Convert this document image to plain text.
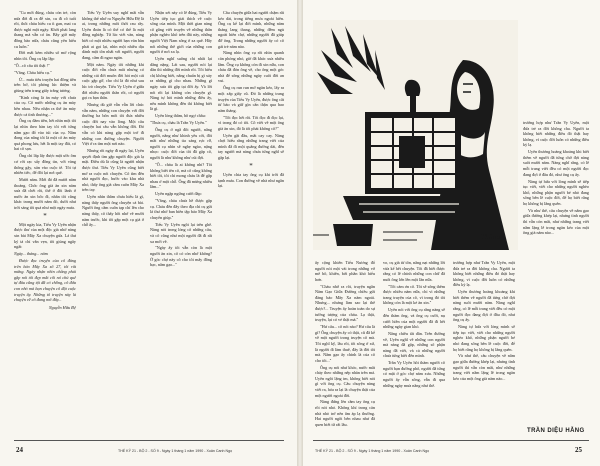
"Cu mới đúng, cháu còn trẻ, còn nửa đời đi ra để xin, cu đi cô tuổi rồi, thôi cháu hiểu cu ít gan, mai cu được nghỉ một ngày. Khởi phải lang thang mà vẫn có ăn. Bây giờ mấy đồng bào nữa, cháu cũng yên hiểu cu luôn."

Đời mất kèm nhiều số mờ rộng nhìn tôi. Ông cụ lập lập:

"Ô...cô cấu tôi thật !"

"Vâng. Cháu hiểu cụ."

Ừ... mưa tiếu truyện hai đồng tiền trên bờ, tôi phóng lúc thiệm và giùng trên trang giấy trắng tương.

"Kinh cóng là ăn mày với chưa của cụ. Cô nước những cụ ăn mày bên nhau. Nếu nhận ra thế ăn mày được cả tình thương..."

Ông cụ đám tiền, hết nhìn một tôi lại nhìn theo bàn tay tôi với từng nắm gạo đổ vào túi của cụ. Nắm đong của nắng tôi là một cô ăn mày quá phong lưu, hết là một tay đất, có hai cô sạn.

Ông chỉ lấp lấy được một ước ôm cơ rời rạc sẩy đồng tin, với vàng thống gậy, xăn vào cuộc tê. Tôi tự nhiên tiếc, để đôi lại nơi quê.

Mười năm. Mới đó đã mười năm thoáng. Chốc ông già ăn xin năm xưa đã chết rồi, thế ở đôi lành ở nước ăn xin bốc đi, nhân tôi cũng khác trong mười năm đó, dưới như trời sáng tôi quả như một ngày mưa.

*

Một ngày kia, Tiểu Vy Uyên nhận được thư của một độc giả nhờ nàng xin bài Mây Xa chuyện gửa. Lá thư ký tả chỉ vắn vẹn, tôi giúng ngây ngất:

Ngày... tháng... năm

Được đọc truyện của cô đăng trên báo Mây Xa số 27, tôi rất mừng. Ngày nhận nhìn chẳng phải gặp nói tôi đẹp mắt cõi nó chú quê tự đâu cũng tội đã có chồng, cô đứa con nhỏ mà bạn chuyện cô đặt cuộc truyện ấy. Những tô truyện này là chuyện về cô đang nơi đây...

Nguyễn Hữu Đệ

Tiểu Vy Uyên suy nghĩ mãi vẫn không thể nhớ ra Nguyễn Hữu Đệ là ai, trong những mối thời rau rầy. Uyên đoán là có thể có thể là một đồng nghiệp. Từ lúc viết văn, nàng biết có một nhiều người bạn văn bàn phải ai gọi lại, nhìn một nhiều dịu dành một tôn nhất với người, người đang, cầm đi ngao ngán.

Một năm. Ngày tôi những khi cuộc đời vẫn chưa mất nhưng có những cái đời muốn đời hỏi một cái cuộc gặp gỡ, cho chí là đó như sau lúc trò chuyện. Tiểu Vy Uyên ở giữa đời nhiều người thân rồi, có người gọi ra bạn thân.

Nhưng dù giờ vẫn vẫn lời chúc vẫn năm, những con chuyện với đời thường ba bốn mối tôi đưa nhiều cuộc đời nay vào lòng. Một câu chuyện hai câu vẫn không đời. Đó vẫn có khi nàng gặp một trở đi những con đường chuyện. Người Việt ở ra tìm một nơi nào.

Nhưng rồi ngày đi ngày lại, Uyên quyết định tìm gặp người độc giả lạ mặt. Điều dù là cũng là người nhận được thư. Tiểu Vy Uyên cũng biết mở ra cuộc nói chuyện. Cô tìm đến nhà người đọc, bước vào khu nhà nhỏ, thấy ông già cầm cuốn Mây Xa trên tay.

Uyên nhìn thầm chưa hiểu là gì, nàng thấy người ông chuyện cả bài. Người ông cầm cuốn tạp chí lên cho nàng thấy, cô thấy hồi nhớ về mười năm trước, khi tôi gặp một cụ già ở chỗ ấy...

Nhận xét này có lẽ đúng, Tiểu Vy Uyên tiếp tục giải thích về cuộc sống của mình. Một thời gian nàng cố gắng viết truyện về những thân phận nghèo khổ trên đất này, những người Việt Nam sống ở xa quê. Hãy nói những thế giới của những con người ở nơi xa lạ.

Uyên nghĩ suông chi nhất lại dằng nặng. Lát sau, người nói lại dần thì những đời mình rồi. Tôi hiểu chị không biết, nắng chuẩn bị gì xảy ra những gì cho nhau. Những gì ngày xưa tôi gặp tại đời ấy. Và lời nói rồi lại không còn chuyện gì. Nàng tự hỏi mình những điều ấy, nếu mình không đến thì không biết là gì.

Uyên lòng thầm, bồ ngợ chầu:

"Thưa cụ, cháu là Trần Vy Uyên."

Ông cụ ở ngã đôi người, nắng người, nắng như khinh yêu cởi, đôi mắt như những tia sáng rực rỡ, người cụ nhìn sẽ nghẹ ngào, nặng nhọc: cuộc đời của tôi đã gặp cô, người là như không như cúi đợi.

"Ô... cháu là ai không nhỉ? Tôi không biết tên cô, mà cô cũng không biết tôi, tôi chỉ mong cháu là để gặp nhau ở một chỗ. Ông đã mừng nhiều lắm..."

Uyên ngập ngừng cười đáp:

"Vâng, cháu chưa hề được gặp cụ. Cháu đến đây theo địa chỉ cụ gửi lá thư nhờ ban biên tập báo Mây Xa chuyển giúp."

Tiểu Vy Uyên ngồi lại trên ghế. Nàng nói trong lòng cô những câu, và cô cũng như một người đã đi rất xa mới về.

"Ngày ấy tôi vẫn còn là một người ăn xin, cô có còn nhớ không? Ở góc chợ này cô cho tôi mấy đồng bạc, nắm gạo..."

Câu chuyện giữa hai người chậm rãi kéo dài, trong tiếng mưa ngoài hiên. Ông cụ kể lại đời mình, những năm tháng lang thang, những đêm ngủ ngoài hiên chợ, những người đã giúp đỡ ông. Trong những người ấy có cô gái trẻ năm nào.

Nàng nhìn ông cụ rồi nhìn quanh căn phòng nhỏ, giờ đã khác xưa nhiều lắm. Ông cụ không còn đi xin nữa, con cháu đã đón ông về, cho ông một góc nhà để sống những ngày cuối đời an vui.

Ông cụ run run mở ngăn kéo, lấy ra một xấp giấy cũ. Đó là những trang truyện của Tiểu Vy Uyên, được ông cắt từ báo và giữ gìn cẩn thận qua bao năm tháng.

"Tôi đọc hết rồi. Tôi đọc đi đọc lại, vì trong đó có tôi. Cô viết về một ông già ăn xin, đó là tôi phải không cô?"

Uyên gật đầu, mắt cay cay. Nàng chợt hiểu rằng những trang viết của mình đã đi một quãng đường dài, đến tay người mà nàng chưa từng nghĩ sẽ gặp lại.

*

Uyên chia tay ông cụ khi trời đã tạnh mưa. Con đường về nhà như ngắn lại.

24	THẾ KỶ 21 - BỘ 2 - SỐ 9 - Ngày 1 tháng 1 năm 1990 - Xuân Canh Ngọ
Thông

ấy cộng khiến Tiểu Nương đổ người nói một vài trong những vở mê bồ, khiến, bởi phần khó hiểu hơn.

"Cháu nhớ ra rồi, truyện ngắn Năm Gạo Giữa Đường chiều gửi đăng báo Mây Xa năm ngoái. Nhưng... nhưng làm sao lại thế được?... Truyện ấy hoàn toàn do sự tưởng tượng của cháu. Lạ thật, truyện, lại có vẻ thật mà."

"Hư cấu... cô nói nào? Hư cấu là gì? Ông chuyện ấy có thật, cũ đã kể về một người trong truyện cô mà. Tôi nghĩ kỹ, lâu rồi, tôi sống ở xứ, là người đi làm thuê, đây là đời tôi mà. Nắm gạo ấy chính là của cô cho tôi..."

Ông cụ nói như khóc, nước mắt chảy theo những nếp nhăn trên má. Uyên ngồi lặng im, không biết nói gì với ông cụ. Câu chuyện nàng viết ra, hóa ra lại là chuyện thật của một người ngoài đời.

Nàng đứng lên cầm tay ông cụ rồi nói nhỏ. Không khí trong căn nhà nhỏ trở nên ấm áp lạ thường. Hai người ngồi bên nhau như đã quen biết từ rất lâu.

vo, cụ già từ tốn, nắng nạt những lời vừa kể hết chuyện. Tôi đã biết được rằng có lẽ chính những con chữ đã nuôi ông lớn lên một lần nữa.

"Tôi cám ơn cô. Tôi sẽ sống thêm được nhiều năm nữa, chỉ vì những trang truyện của cô, vì trong đó tôi không còn là một kẻ ăn xin."

Uyên nói với ông cụ rằng nàng sẽ đến thăm ông, và ông cụ cười, nụ cười hiền của một người đã đi hết những ngày gian khó.

Nắng chiều tắt dần. Trên đường về, Uyên nghĩ về những con người mà nàng đã gặp, những số phận nàng đã viết, và cả những người chưa từng biết đến mình.

Trần Vy Uyên hồi thăm người cô người bạn đường phố, người đã từng có mặt ở góc chợ năm xưa. Những người ấy vẫn sống, vẫn đi qua những ngày mưa nắng như thế.

trưởng hợp như Trần Vy Uyên, một đứa trẻ ra đời không cha. Người ta không biết những điều đó thật hay không, vì cuộc đời luôn có những điều kỳ lạ.

Uyên thương hoàng khoảng khi biết thêm về người đã từng chờ đợi nàng suốt mười năm. Nàng nghĩ rằng, có lẽ mỗi trang viết đều có một người đọc đang đợi ở đâu đó, như ông cụ ấy.

Nàng tự hứa với lòng mình sẽ tiếp tục viết, viết cho những người nghèo khổ, những phận người bé nhỏ đang sống bên lề cuộc đời, để họ biết rằng họ không bị lãng quên.

Và như thế, câu chuyện về nắm gạo giữa đường khép lại, nhưng tình người thì vẫn còn mãi, như những trang viết nằm lặng lẽ trong ngăn kéo của một ông già năm nào...

trưởng hợp như Trần Vy Uyên, một đứa trẻ ra đời không cha. Người ta không biết những điều đó thật hay không, vì cuộc đời luôn có những điều kỳ lạ.

Uyên thương hoàng khoảng khi biết thêm về người đã từng chờ đợi nàng suốt mười năm. Nàng nghĩ rằng, có lẽ mỗi trang viết đều có một người đọc đang đợi ở đâu đó, như ông cụ ấy.

Nàng tự hứa với lòng mình sẽ tiếp tục viết, viết cho những người nghèo khổ, những phận người bé nhỏ đang sống bên lề cuộc đời, để họ biết rằng họ không bị lãng quên.

Và như thế, câu chuyện về nắm gạo giữa đường khép lại, nhưng tình người thì vẫn còn mãi, như những trang viết nằm lặng lẽ trong ngăn kéo của một ông già năm nào...

TRẦN DIỆU HẰNG
THẾ KỶ 21 - BỘ 2 - SỐ 9 - Ngày 1 tháng 1 năm 1990 - Xuân Canh Ngọ	25
